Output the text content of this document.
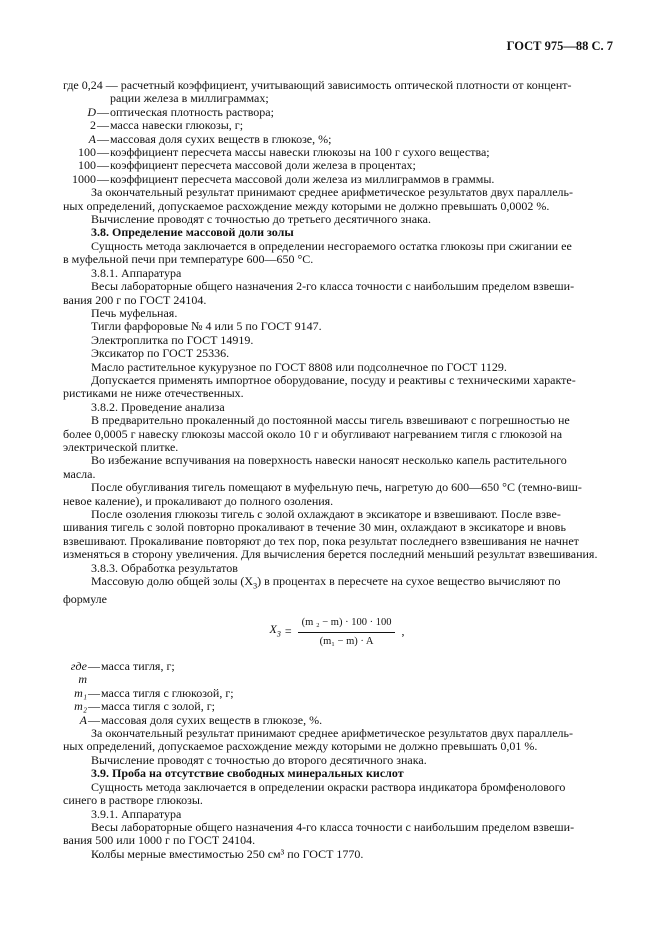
ГОСТ 975—88 С. 7
где 0,24 — расчетный коэффициент, учитывающий зависимость оптической плотности от концент-
рации железа в миллиграммах;
D — оптическая плотность раствора;
2 — масса навески глюкозы, г;
A — массовая доля сухих веществ в глюкозе, %;
100 — коэффициент пересчета массы навески глюкозы на 100 г сухого вещества;
100 — коэффициент пересчета массовой доли железа в процентах;
1000 — коэффициент пересчета массовой доли железа из миллиграммов в граммы.
За окончательный результат принимают среднее арифметическое результатов двух параллель-
ных определений, допускаемое расхождение между которыми не должно превышать 0,0002 %.
Вычисление проводят с точностью до третьего десятичного знака.
3.8. Определение массовой доли золы
Сущность метода заключается в определении несгораемого остатка глюкозы при сжигании ее
в муфельной печи при температуре 600—650 °С.
3.8.1. Аппаратура
Весы лабораторные общего назначения 2-го класса точности с наибольшим пределом взвеши-
вания 200 г по ГОСТ 24104.
Печь муфельная.
Тигли фарфоровые № 4 или 5 по ГОСТ 9147.
Электроплитка по ГОСТ 14919.
Эксикатор по ГОСТ 25336.
Масло растительное кукурузное по ГОСТ 8808 или подсолнечное по ГОСТ 1129.
Допускается применять импортное оборудование, посуду и реактивы с техническими характе-
ристиками не ниже отечественных.
3.8.2. Проведение анализа
В предварительно прокаленный до постоянной массы тигель взвешивают с погрешностью не
более 0,0005 г навеску глюкозы массой около 10 г и обугливают нагреванием тигля с глюкозой на
электрической плитке.
Во избежание вспучивания на поверхность навески наносят несколько капель растительного
масла.
После обугливания тигель помещают в муфельную печь, нагретую до 600—650 °С (темно-виш-
невое каление), и прокаливают до полного озоления.
После озоления глюкозы тигель с золой охлаждают в эксикаторе и взвешивают. После взве-
шивания тигель с золой повторно прокаливают в течение 30 мин, охлаждают в эксикаторе и вновь
взвешивают. Прокаливание повторяют до тех пор, пока результат последнего взвешивания не начнет
изменяться в сторону увеличения. Для вычисления берется последний меньший результат взвешивания.
3.8.3. Обработка результатов
Массовую долю общей золы $(X_3)$ в процентах в пересчете на сухое вещество вычисляют по
формуле
$X_3 = \frac{\text{(m ₂ − m) · 100 · 100}}{\text{(m₁ − m) · A}}$ ,
где m
— масса тигля, г;
m₁ — масса тигля с глюкозой, г;
m₂ — масса тигля с золой, г;
A — массовая доля сухих веществ в глюкозе, %.
За окончательный результат принимают среднее арифметическое результатов двух параллель-
ных определений, допускаемое расхождение между которыми не должно превышать 0,01 %.
Вычисление проводят с точностью до второго десятичного знака.
3.9. Проба на отсутствие свободных минеральных кислот
Сущность метода заключается в определении окраски раствора индикатора бромфенолового
синего в растворе глюкозы.
3.9.1. Аппаратура
Весы лабораторные общего назначения 4-го класса точности с наибольшим пределом взвеши-
вания 500 или 1000 г по ГОСТ 24104.
Колбы мерные вместимостью 250 см³ по ГОСТ 1770.
